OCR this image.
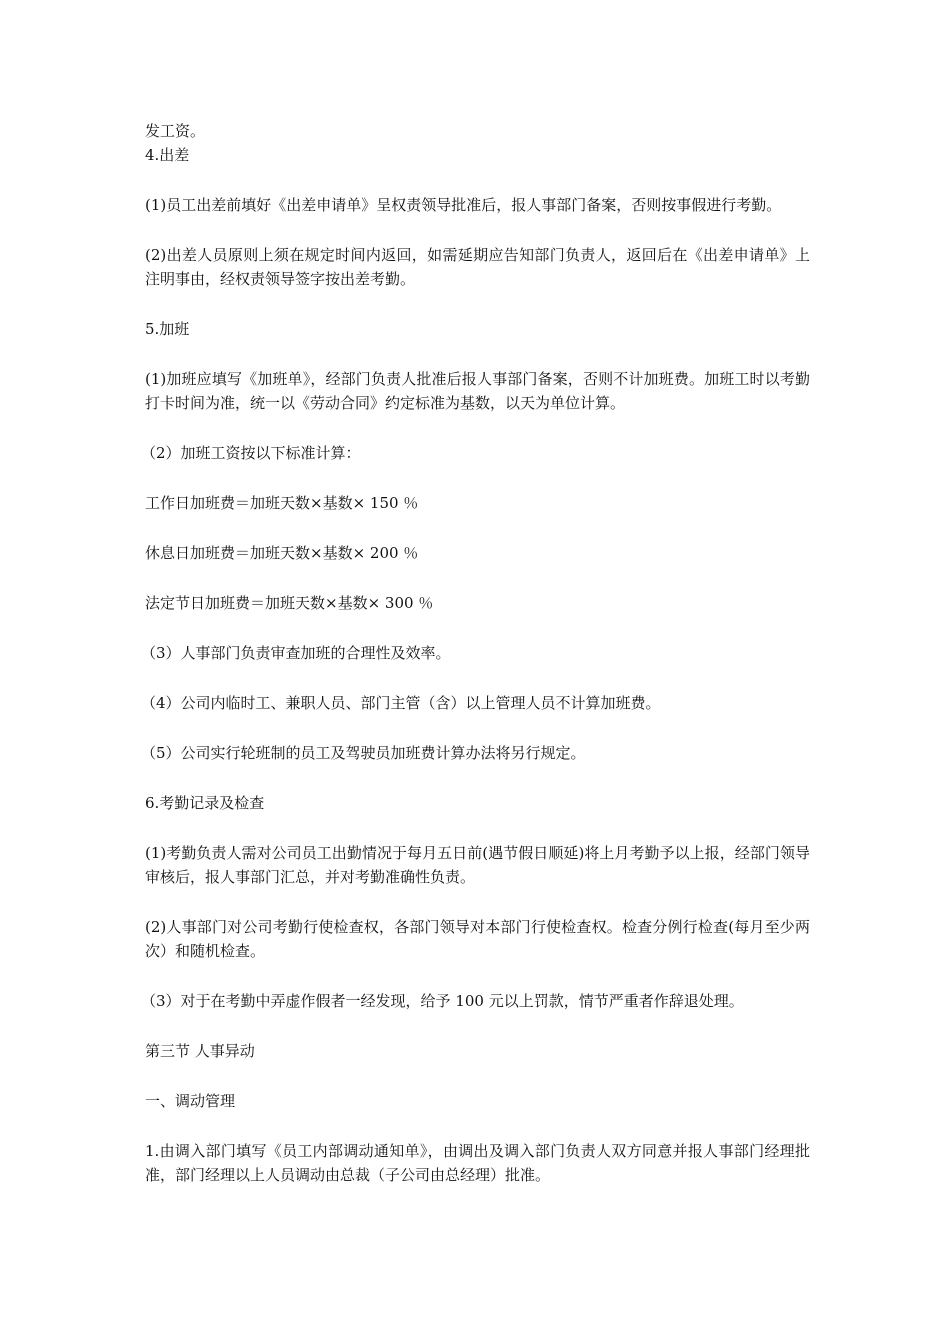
发工资。

4.出差

(1)员工出差前填好《出差申请单》呈权责领导批准后，报人事部门备案，否则按事假进行考勤。

(2)出差人员原则上须在规定时间内返回，如需延期应告知部门负责人，返回后在《出差申请单》上注明事由，经权责领导签字按出差考勤。

5.加班

(1)加班应填写《加班单》，经部门负责人批准后报人事部门备案，否则不计加班费。加班工时以考勤打卡时间为准，统一以《劳动合同》约定标准为基数，以天为单位计算。

（2）加班工资按以下标准计算：

工作日加班费＝加班天数×基数× 150 ％

休息日加班费＝加班天数×基数× 200 ％

法定节日加班费＝加班天数×基数× 300 ％

（3）人事部门负责审查加班的合理性及效率。

（4）公司内临时工、兼职人员、部门主管（含）以上管理人员不计算加班费。

（5）公司实行轮班制的员工及驾驶员加班费计算办法将另行规定。

6.考勤记录及检查

(1)考勤负责人需对公司员工出勤情况于每月五日前(遇节假日顺延)将上月考勤予以上报，经部门领导审核后，报人事部门汇总，并对考勤准确性负责。

(2)人事部门对公司考勤行使检查权，各部门领导对本部门行使检查权。检查分例行检查(每月至少两次）和随机检查。

（3）对于在考勤中弄虚作假者一经发现，给予 100 元以上罚款，情节严重者作辞退处理。

第三节 人事异动

一、调动管理

1.由调入部门填写《员工内部调动通知单》，由调出及调入部门负责人双方同意并报人事部门经理批准，部门经理以上人员调动由总裁（子公司由总经理）批准。
